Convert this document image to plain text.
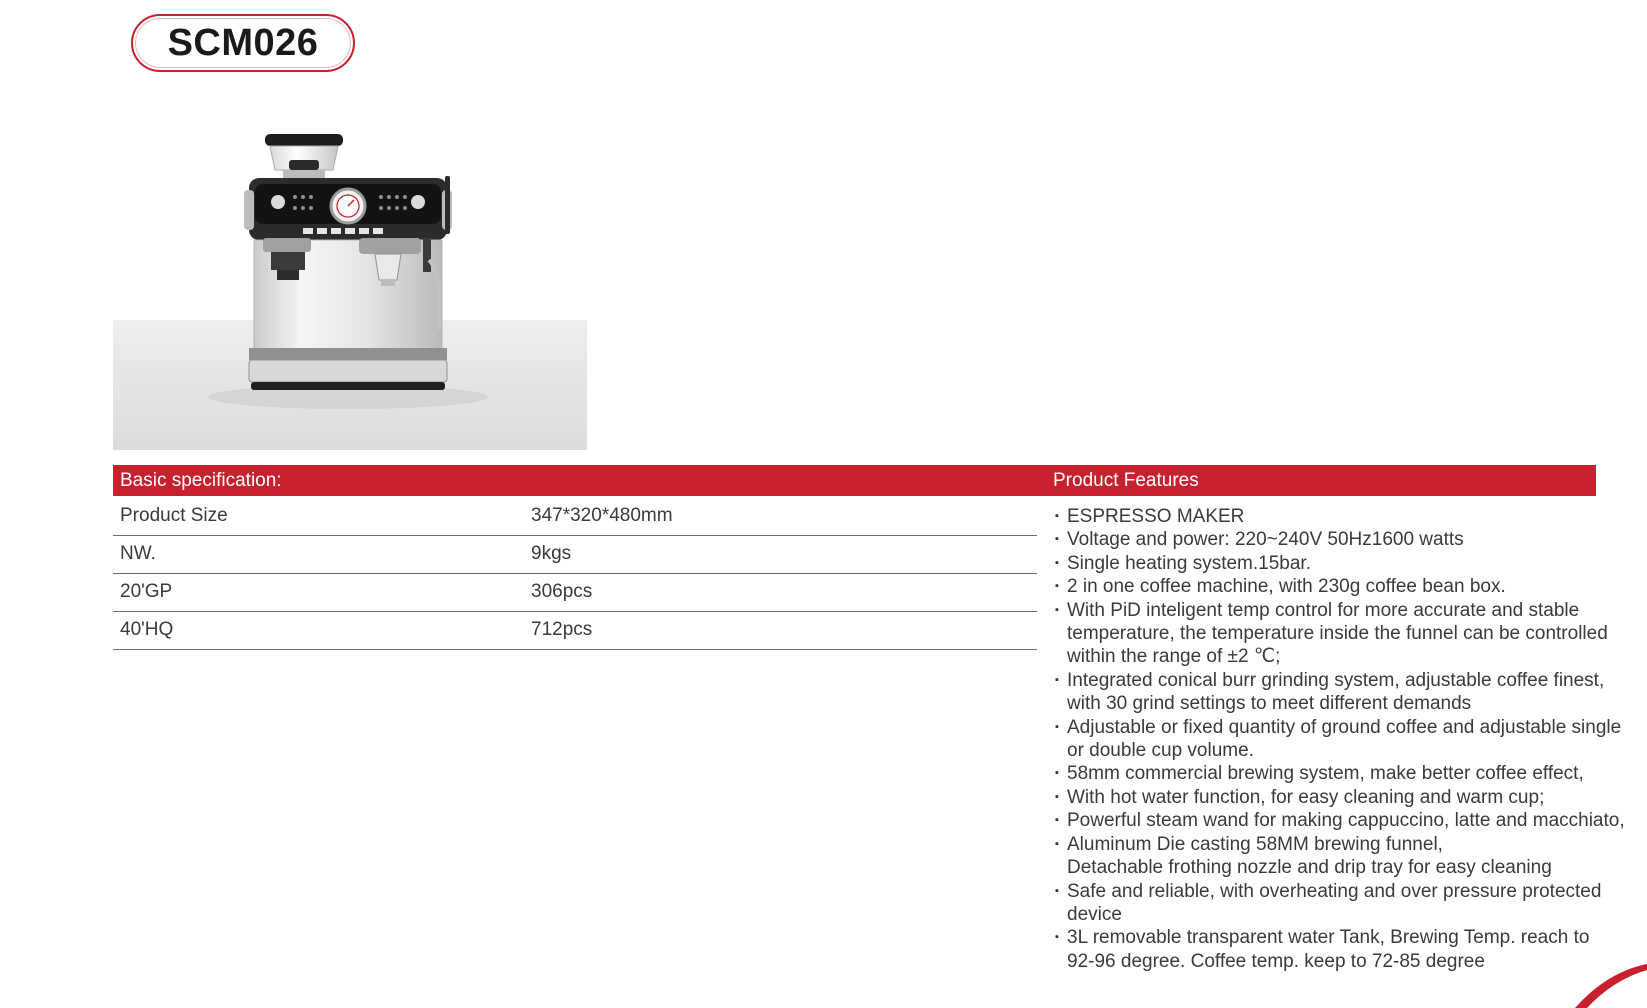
SCM026
Basic specification:	Product Features
Product Size	347*320*480mm
NW.	9kgs
20'GP	306pcs
40'HQ	712pcs
▪ ESPRESSO MAKER
▪ Voltage and power: 220~240V 50Hz1600 watts
▪ Single heating system.15bar.
▪ 2 in one coffee machine, with 230g coffee bean box.
▪ With PiD inteligent temp control for more accurate and stable
temperature, the temperature inside the funnel can be controlled
within the range of ±2 ℃;
▪ Integrated conical burr grinding system, adjustable coffee finest,
with 30 grind settings to meet different demands
▪ Adjustable or fixed quantity of ground coffee and adjustable single
or double cup volume.
▪ 58mm commercial brewing system, make better coffee effect,
▪ With hot water function, for easy cleaning and warm cup;
▪ Powerful steam wand for making cappuccino, latte and macchiato,
▪ Aluminum Die casting 58MM brewing funnel,
Detachable frothing nozzle and drip tray for easy cleaning
▪ Safe and reliable, with overheating and over pressure protected
device
▪ 3L removable transparent water Tank, Brewing Temp. reach to
92-96 degree. Coffee temp. keep to 72-85 degree
